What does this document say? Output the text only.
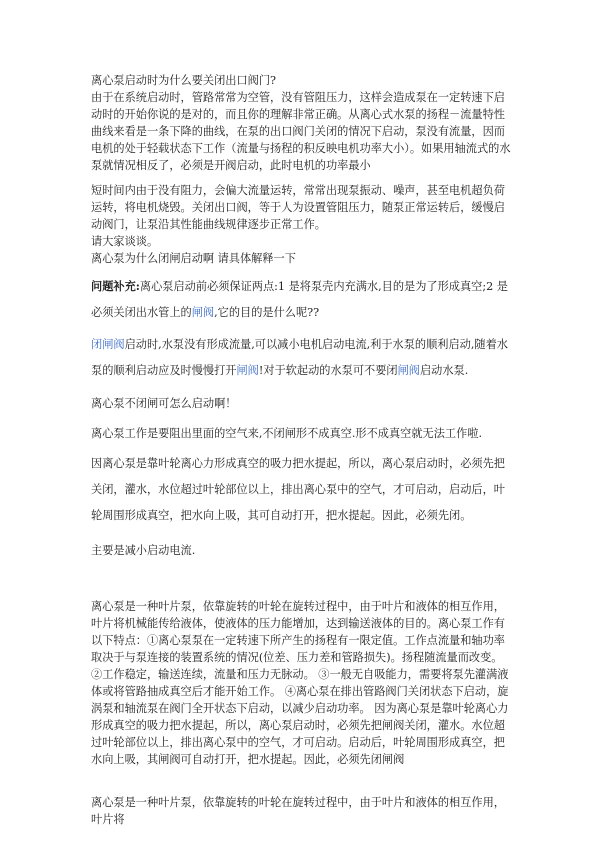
离心泵启动时为什么要关闭出口阀门?
由于在系统启动时，管路常常为空管，没有管阻压力，这样会造成泵在一定转速下启动时的开始你说的是对的，而且你的理解非常正确。从离心式水泵的扬程－流量特性曲线来看是一条下降的曲线，在泵的出口阀门关闭的情况下启动，泵没有流量，因而电机的处于轻载状态下工作（流量与扬程的积反映电机功率大小）。如果用轴流式的水泵就情况相反了，必须是开阀启动，此时电机的功率最小
短时间内由于没有阻力，会偏大流量运转，常常出现泵振动、噪声，甚至电机超负荷运转，将电机烧毁。关闭出口阀，等于人为设置管阻压力，随泵正常运转后，缓慢启动阀门，让泵沿其性能曲线规律逐步正常工作。
请大家谈谈。
离心泵为什么闭闸启动啊 请具体解释一下
问题补充:离心泵启动前必须保证两点:1 是将泵壳内充满水,目的是为了形成真空;2 是必须关闭出水管上的闸阀,它的目的是什么呢??
闭闸阀启动时,水泵没有形成流量,可以减小电机启动电流,利于水泵的顺利启动,随着水泵的顺利启动应及时慢慢打开闸阀!对于软起动的水泵可不要闭闸阀启动水泵.
离心泵不闭闸可怎么启动啊！
离心泵工作是要阻出里面的空气来,不闭闸形不成真空.形不成真空就无法工作啦.
因离心泵是靠叶轮离心力形成真空的吸力把水提起，所以，离心泵启动时，必须先把关闭，灌水，水位超过叶轮部位以上，排出离心泵中的空气，才可启动，启动后，叶轮周围形成真空，把水向上吸，其可自动打开，把水提起。因此，必须先闭。
主要是减小启动电流.
离心泵是一种叶片泵，依靠旋转的叶轮在旋转过程中，由于叶片和液体的相互作用，叶片将机械能传给液体，使液体的压力能增加，达到输送液体的目的。离心泵工作有以下特点：①离心泵泵在一定转速下所产生的扬程有一限定值。工作点流量和轴功率取决于与泵连接的装置系统的情况(位差、压力差和管路损失)。扬程随流量而改变。 ②工作稳定，输送连续，流量和压力无脉动。 ③一般无自吸能力，需要将泵先灌满液体或将管路抽成真空后才能开始工作。 ④离心泵在排出管路阀门关闭状态下启动，旋涡泵和轴流泵在阀门全开状态下启动，以减少启动功率。 因为离心泵是靠叶轮离心力形成真空的吸力把水提起，所以，离心泵启动时，必须先把闸阀关闭，灌水。水位超过叶轮部位以上，排出离心泵中的空气，才可启动。启动后，叶轮周围形成真空，把水向上吸，其闸阀可自动打开，把水提起。因此，必须先闭闸阀
离心泵是一种叶片泵，依靠旋转的叶轮在旋转过程中，由于叶片和液体的相互作用，叶片将
